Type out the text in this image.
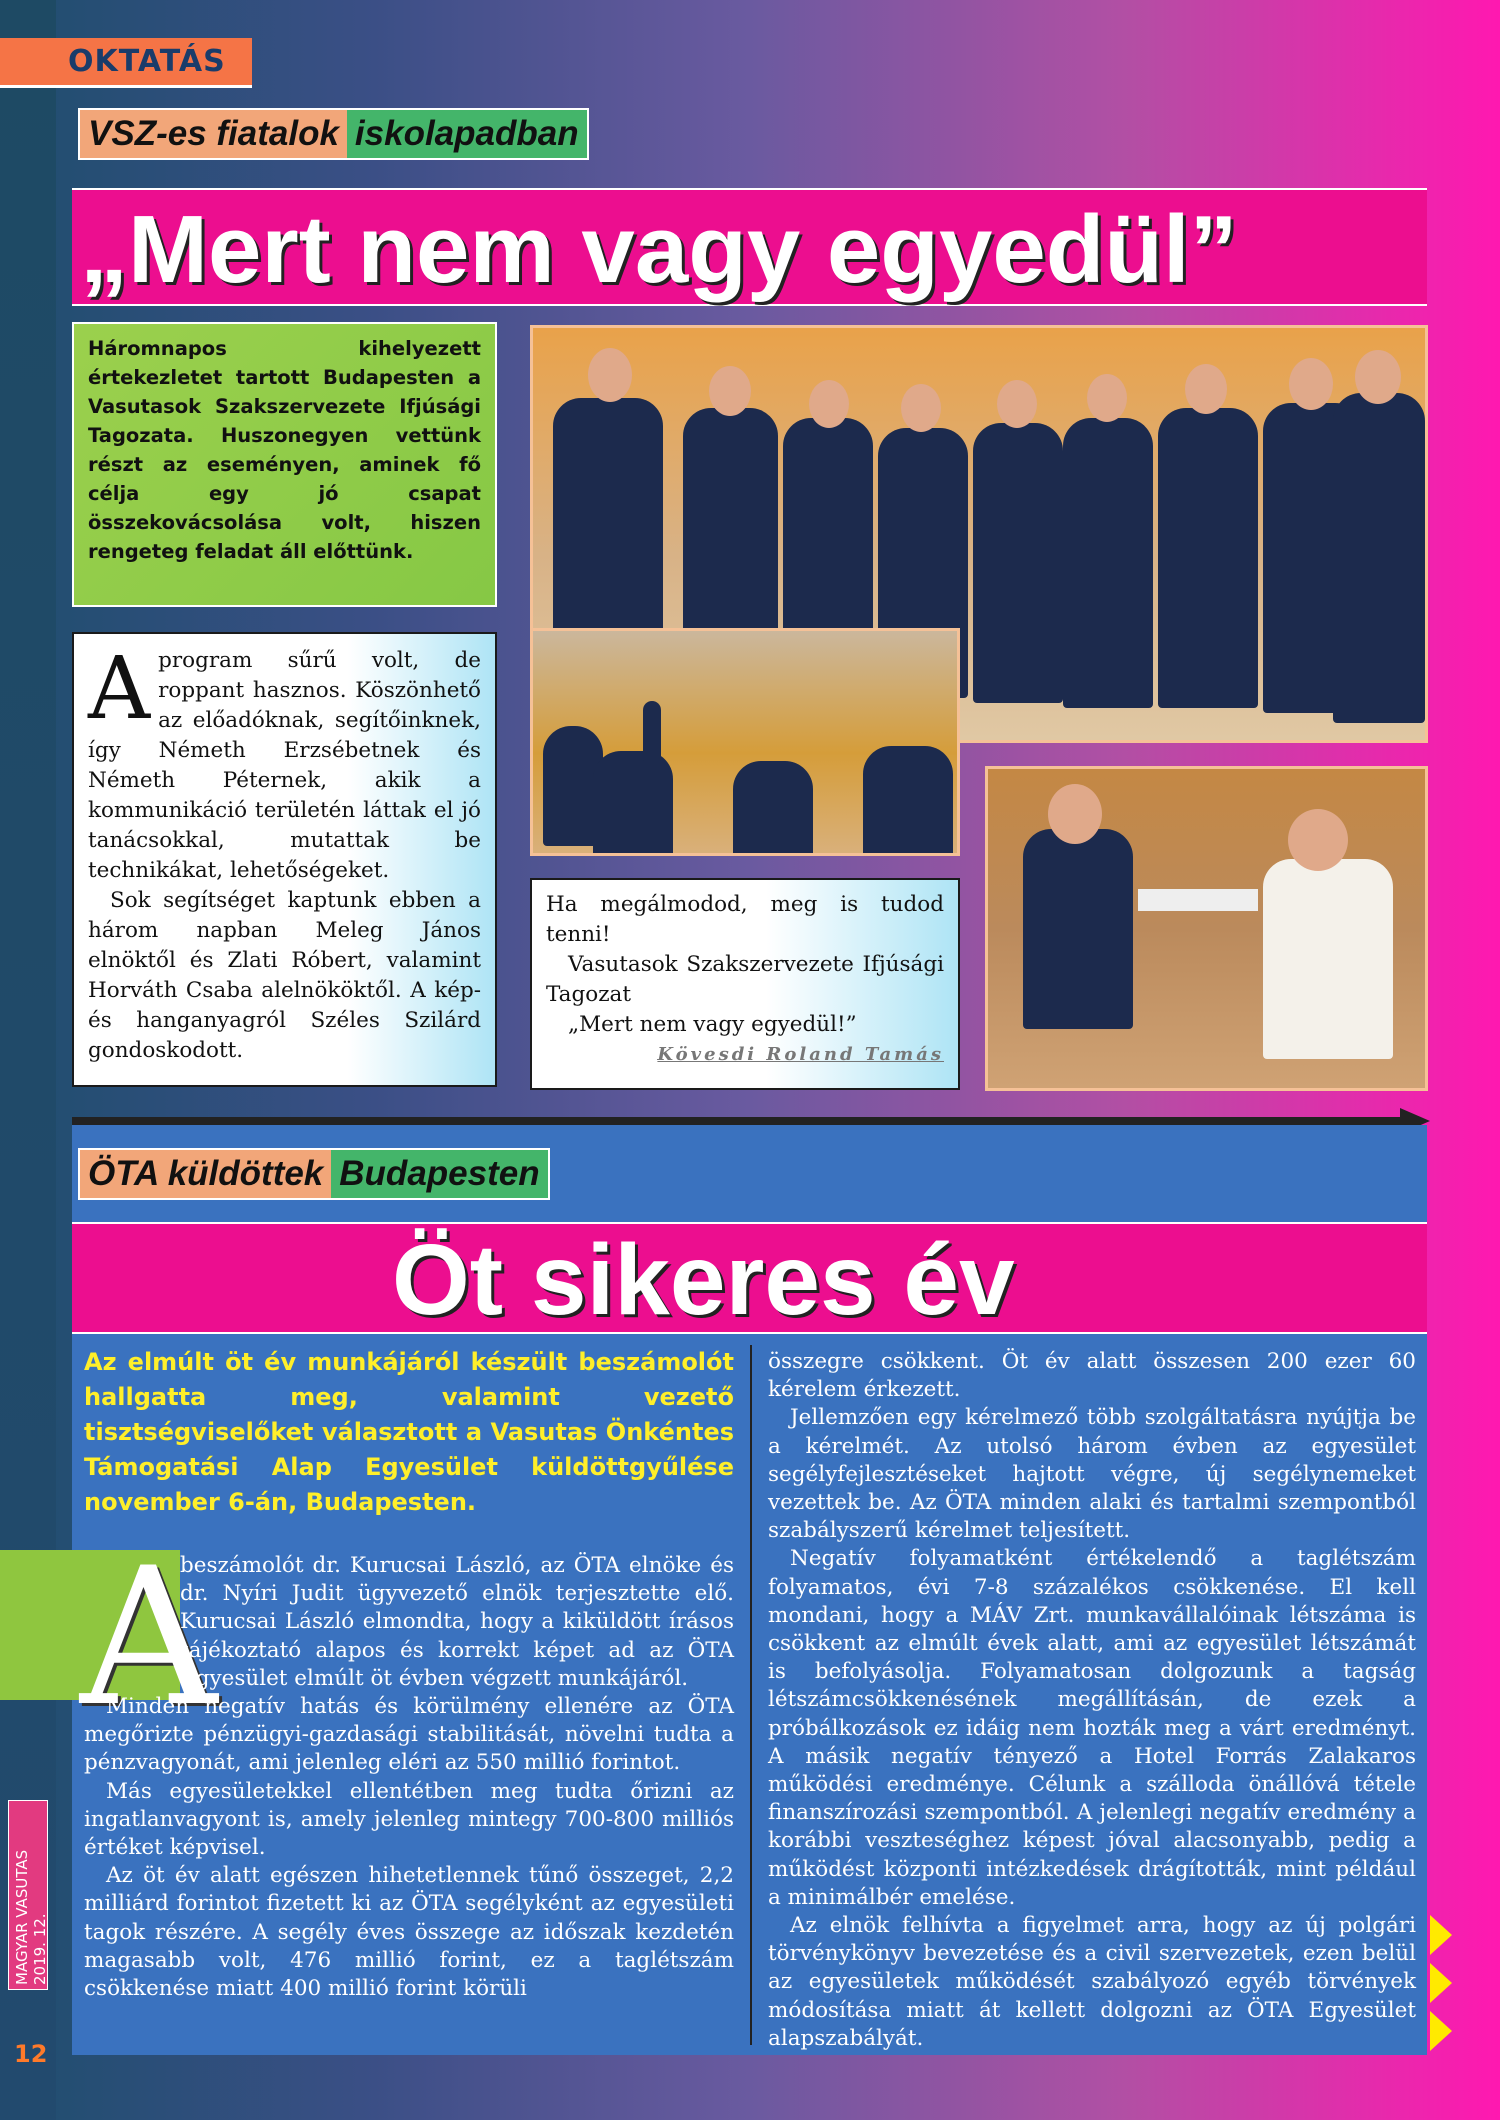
OKTATÁS
VSZ-es fiatalok iskolapadban
„Mert nem vagy egyedül”
Háromnapos kihelyezett értekezletet tartott Budapesten a Vasutasok Szakszervezete Ifjúsági Tagozata. Huszonegyen vettünk részt az eseményen, aminek fő célja egy jó csapat összekovácsolása volt, hiszen rengeteg feladat áll előttünk.
A program sűrű volt, de roppant hasznos. Köszönhető az előadóknak, segítőinknek, így Németh Erzsébetnek és Németh Péternek, akik a kommunikáció területén láttak el jó tanácsokkal, mutattak be technikákat, lehetőségeket.

Sok segítséget kaptunk ebben a három napban Meleg János elnöktől és Zlati Róbert, valamint Horváth Csaba alelnököktől. A kép- és hanganyagról Széles Szilárd gondoskodott.

Ha megálmodod, meg is tudod tenni!

Vasutasok Szakszervezete Ifjúsági Tagozat

„Mert nem vagy egyedül!”

Kövesdi Roland Tamás

ÖTA küldöttek Budapesten
Öt sikeres év
Az elmúlt öt év munkájáról készült beszámolót hallgatta meg, valamint vezető tisztségviselőket választott a Vasutas Önkéntes Támogatási Alap Egyesület küldöttgyűlése november 6-án, Budapesten.
A

beszámolót dr. Kurucsai László, az ÖTA elnöke és dr. Nyíri Judit ügyvezető elnök terjesztette elő. Kurucsai László elmondta, hogy a kiküldött írásos tájékoztató alapos és korrekt képet ad az ÖTA Egyesület elmúlt öt évben végzett munkájáról.

Minden negatív hatás és körülmény ellenére az ÖTA megőrizte pénzügyi-gazdasági stabilitását, növelni tudta a pénzvagyonát, ami jelenleg eléri az 550 millió forintot.

Más egyesületekkel ellentétben meg tudta őrizni az ingatlanvagyont is, amely jelenleg mintegy 700-800 milliós értéket képvisel.

Az öt év alatt egészen hihetetlennek tűnő összeget, 2,2 milliárd forintot fizetett ki az ÖTA segélyként az egyesületi tagok részére. A segély éves összege az időszak kezdetén magasabb volt, 476 millió forint, ez a taglétszám csökkenése miatt 400 millió forint körüli

összegre csökkent. Öt év alatt összesen 200 ezer 60 kérelem érkezett.

Jellemzően egy kérelmező több szolgáltatásra nyújtja be a kérelmét. Az utolsó három évben az egyesület segélyfejlesztéseket hajtott végre, új segélynemeket vezettek be. Az ÖTA minden alaki és tartalmi szempontból szabályszerű kérelmet teljesített.

Negatív folyamatként értékelendő a taglétszám folyamatos, évi 7-8 százalékos csökkenése. El kell mondani, hogy a MÁV Zrt. munkavállalóinak létszáma is csökkent az elmúlt évek alatt, ami az egyesület létszámát is befolyásolja. Folyamatosan dolgozunk a tagság létszámcsökkenésének megállításán, de ezek a próbálkozások ez idáig nem hozták meg a várt eredményt. A másik negatív tényező a Hotel Forrás Zalakaros működési eredménye. Célunk a szálloda önállóvá tétele finanszírozási szempontból. A jelenlegi negatív eredmény a korábbi veszteséghez képest jóval alacsonyabb, pedig a működést központi intézkedések drágították, mint például a minimálbér emelése.

Az elnök felhívta a figyelmet arra, hogy az új polgári törvénykönyv bevezetése és a civil szervezetek, ezen belül az egyesületek működését szabályozó egyéb törvények módosítása miatt át kellett dolgozni az ÖTA Egyesület alapszabályát.

MAGYAR VASUTAS 2019. 12.
12
